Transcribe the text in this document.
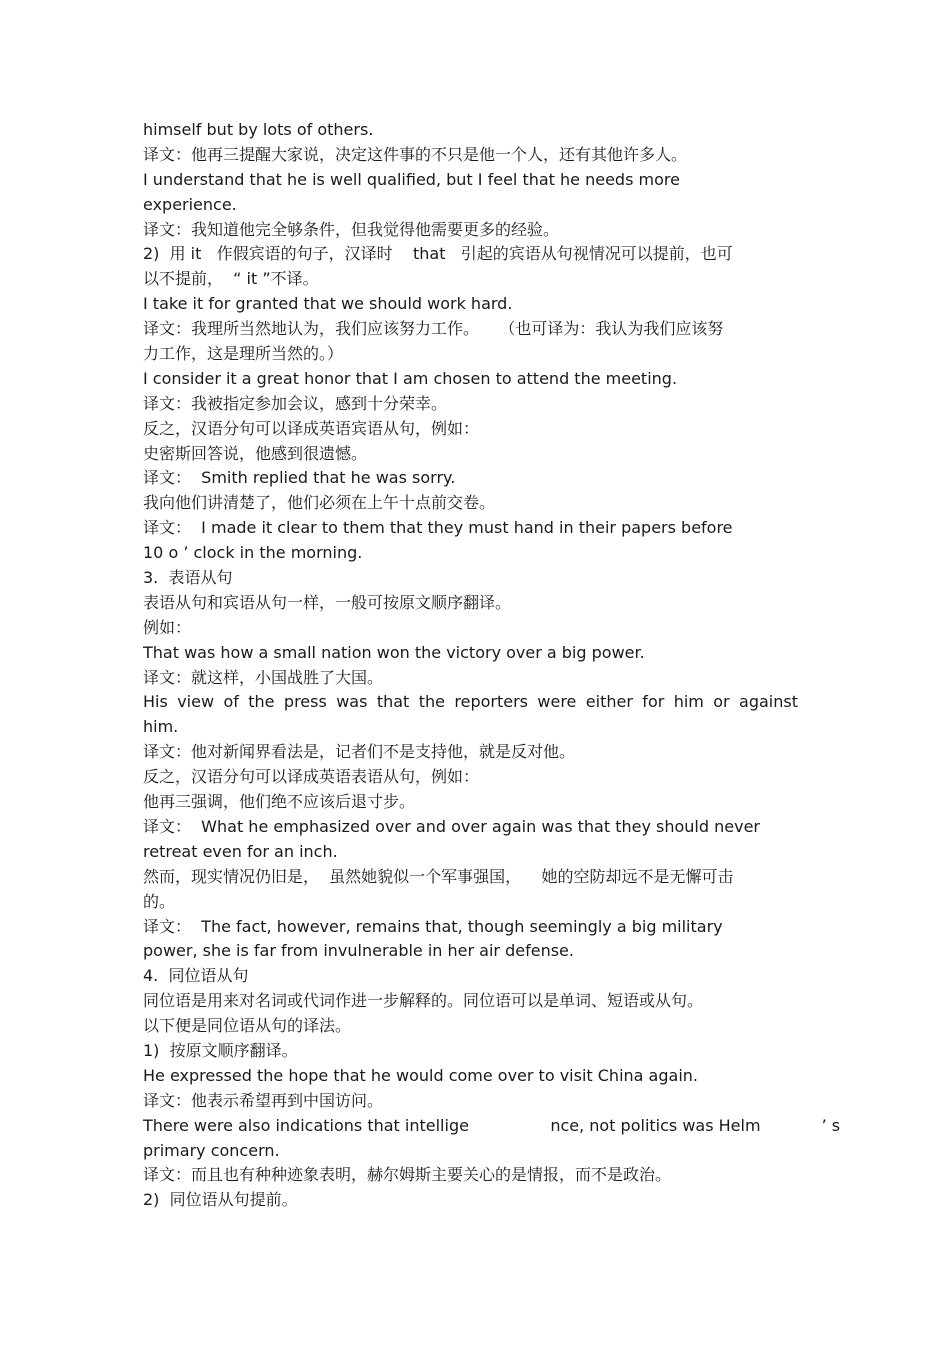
himself but by lots of others.
译文：他再三提醒大家说，决定这件事的不只是他一个人，还有其他许多人。
I understand that he is well qualified, but I feel that he needs more
experience.
译文：我知道他完全够条件，但我觉得他需要更多的经验。
2)  用 it   作假宾语的句子，汉译时    that   引起的宾语从句视情况可以提前，也可
以不提前，  “ it ”不译。
I take it for granted that we should work hard.
译文：我理所当然地认为，我们应该努力工作。    （也可译为：我认为我们应该努
力工作，这是理所当然的。）
I consider it a great honor that I am chosen to attend the meeting.
译文：我被指定参加会议，感到十分荣幸。
反之，汉语分句可以译成英语宾语从句，例如：
史密斯回答说，他感到很遗憾。
译文：  Smith replied that he was sorry.
我向他们讲清楚了，他们必须在上午十点前交卷。
译文：  I made it clear to them that they must hand in their papers before
10 o ’ clock in the morning.
3.  表语从句
表语从句和宾语从句一样，一般可按原文顺序翻译。
例如：
That was how a small nation won the victory over a big power.
译文：就这样，小国战胜了大国。
His view of the press was that the reporters were either for him or against
him.
译文：他对新闻界看法是，记者们不是支持他，就是反对他。
反之，汉语分句可以译成英语表语从句，例如：
他再三强调，他们绝不应该后退寸步。
译文：  What he emphasized over and over again was that they should never
retreat even for an inch.
然而，现实情况仍旧是，  虽然她貌似一个军事强国，    她的空防却远不是无懈可击
的。
译文：  The fact, however, remains that, though seemingly a big military
power, she is far from invulnerable in her air defense.
4.  同位语从句
同位语是用来对名词或代词作进一步解释的。同位语可以是单词、短语或从句。
以下便是同位语从句的译法。
1)  按原文顺序翻译。
He expressed the hope that he would come over to visit China again.
译文：他表示希望再到中国访问。
There were also indications that intellige                nce, not politics was Helm            ’ s
primary concern.
译文：而且也有种种迹象表明，赫尔姆斯主要关心的是情报，而不是政治。
2)  同位语从句提前。
